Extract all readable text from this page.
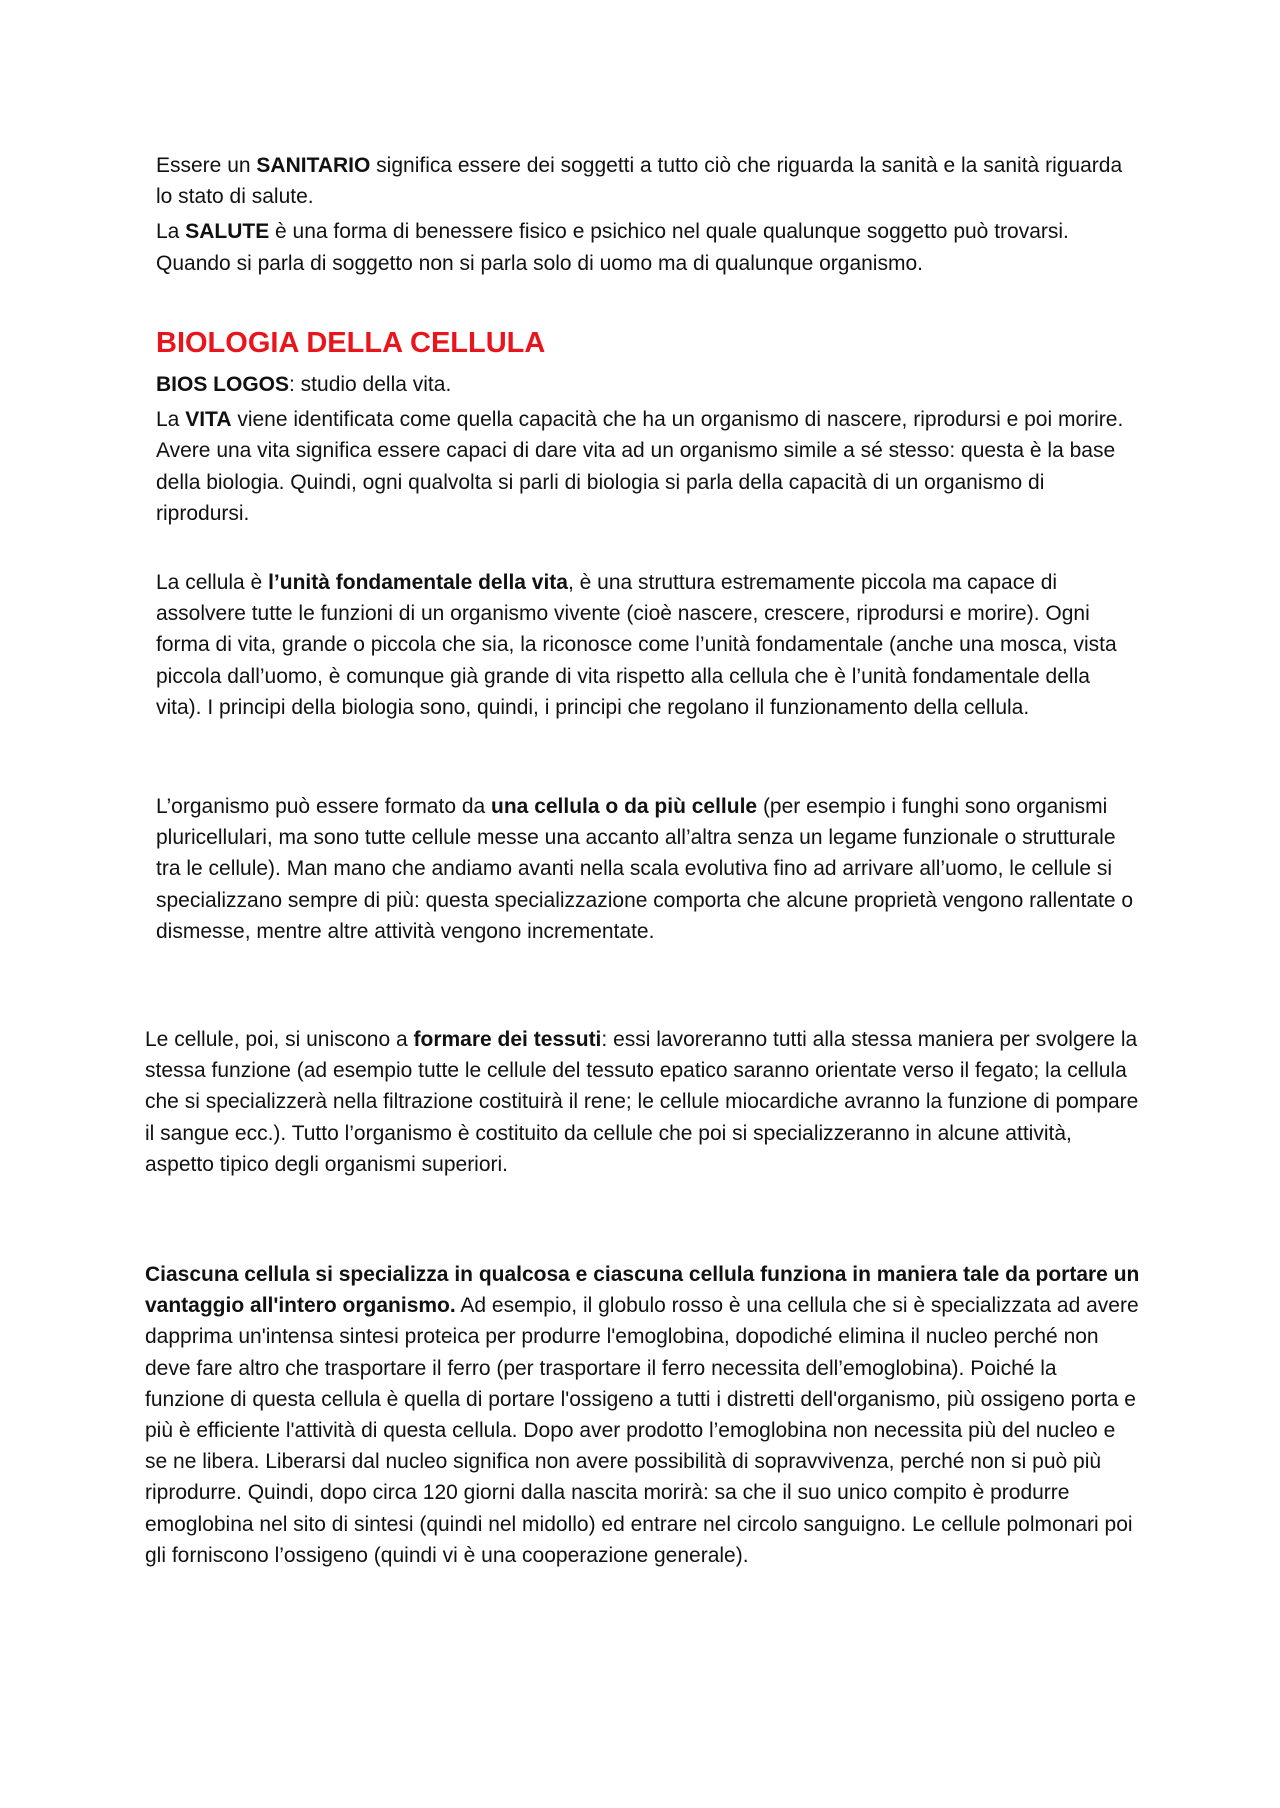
Essere un SANITARIO significa essere dei soggetti a tutto ciò che riguarda la sanità e la sanità riguarda lo stato di salute.

La SALUTE è una forma di benessere fisico e psichico nel quale qualunque soggetto può trovarsi. Quando si parla di soggetto non si parla solo di uomo ma di qualunque organismo.

BIOLOGIA DELLA CELLULA

BIOS LOGOS: studio della vita.

La VITA viene identificata come quella capacità che ha un organismo di nascere, riprodursi e poi morire. Avere una vita significa essere capaci di dare vita ad un organismo simile a sé stesso: questa è la base della biologia. Quindi, ogni qualvolta si parli di biologia si parla della capacità di un organismo di riprodursi.

La cellula è l’unità fondamentale della vita, è una struttura estremamente piccola ma capace di assolvere tutte le funzioni di un organismo vivente (cioè nascere, crescere, riprodursi e morire). Ogni forma di vita, grande o piccola che sia, la riconosce come l’unità fondamentale (anche una mosca, vista piccola dall’uomo, è comunque già grande di vita rispetto alla cellula che è l’unità fondamentale della vita). I principi della biologia sono, quindi, i principi che regolano il funzionamento della cellula.

L’organismo può essere formato da una cellula o da più cellule (per esempio i funghi sono organismi pluricellulari, ma sono tutte cellule messe una accanto all’altra senza un legame funzionale o strutturale tra le cellule). Man mano che andiamo avanti nella scala evolutiva fino ad arrivare all’uomo, le cellule si specializzano sempre di più: questa specializzazione comporta che alcune proprietà vengono rallentate o dismesse, mentre altre attività vengono incrementate.

Le cellule, poi, si uniscono a formare dei tessuti: essi lavoreranno tutti alla stessa maniera per svolgere la stessa funzione (ad esempio tutte le cellule del tessuto epatico saranno orientate verso il fegato; la cellula che si specializzerà nella filtrazione costituirà il rene; le cellule miocardiche avranno la funzione di pompare il sangue ecc.). Tutto l’organismo è costituito da cellule che poi si specializzeranno in alcune attività, aspetto tipico degli organismi superiori.

Ciascuna cellula si specializza in qualcosa e ciascuna cellula funziona in maniera tale da portare un vantaggio all'intero organismo. Ad esempio, il globulo rosso è una cellula che si è specializzata ad avere dapprima un'intensa sintesi proteica per produrre l'emoglobina, dopodiché elimina il nucleo perché non deve fare altro che trasportare il ferro (per trasportare il ferro necessita dell’emoglobina). Poiché la funzione di questa cellula è quella di portare l'ossigeno a tutti i distretti dell'organismo, più ossigeno porta e più è efficiente l'attività di questa cellula. Dopo aver prodotto l’emoglobina non necessita più del nucleo e se ne libera. Liberarsi dal nucleo significa non avere possibilità di sopravvivenza, perché non si può più riprodurre. Quindi, dopo circa 120 giorni dalla nascita morirà: sa che il suo unico compito è produrre emoglobina nel sito di sintesi (quindi nel midollo) ed entrare nel circolo sanguigno. Le cellule polmonari poi gli forniscono l’ossigeno (quindi vi è una cooperazione generale).
